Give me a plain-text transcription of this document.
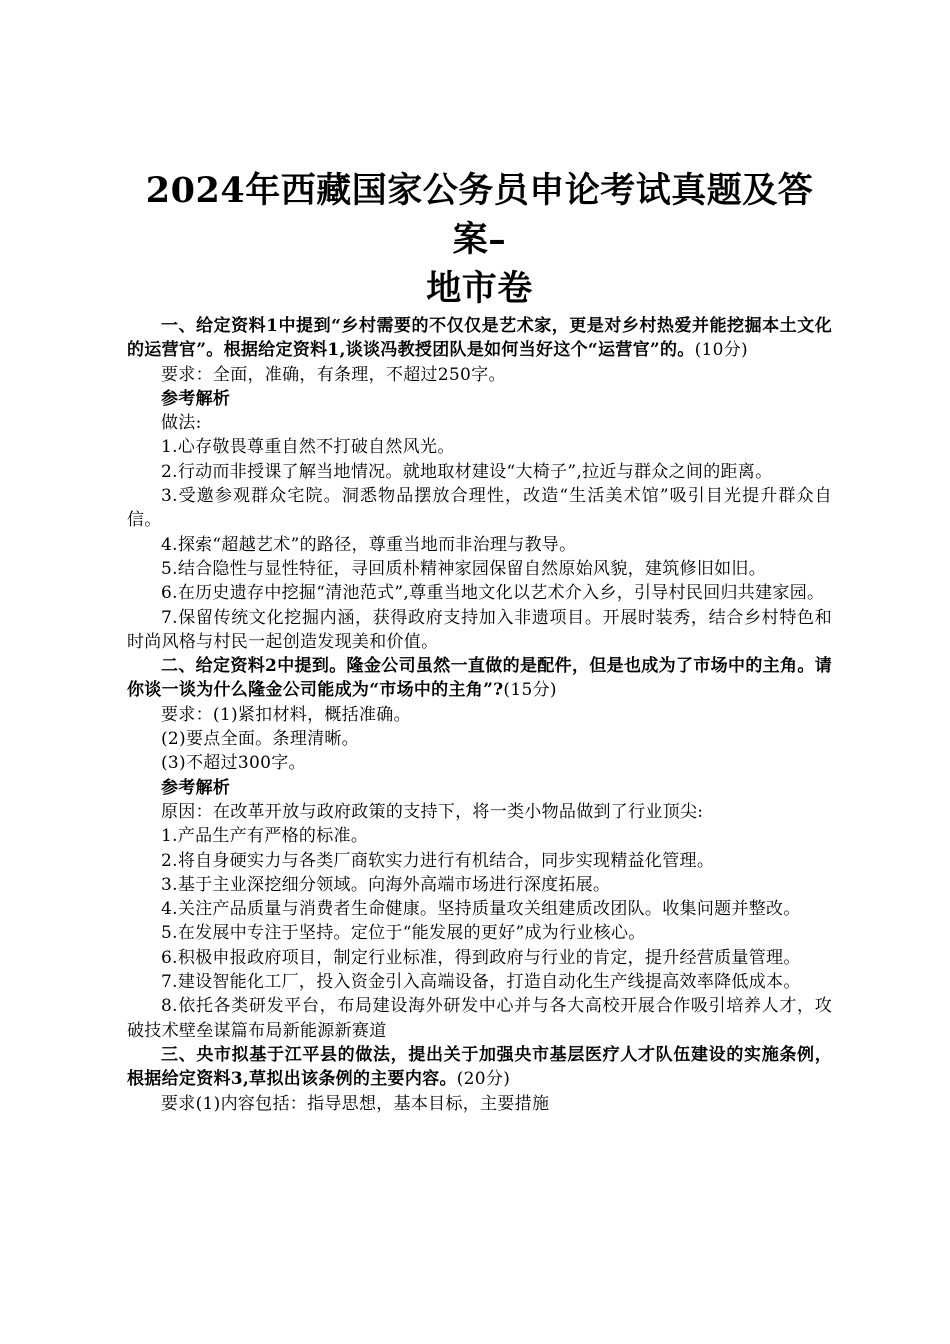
2024年西藏国家公务员申论考试真题及答案–
地市卷

一、给定资料1中提到“乡村需要的不仅仅是艺术家，更是对乡村热爱并能挖掘本土文化的运营官”。根据给定资料1,谈谈冯教授团队是如何当好这个“运营官”的。(10分)

要求：全面，准确，有条理，不超过250字。

参考解析

做法:

1.心存敬畏尊重自然不打破自然风光。

2.行动而非授课了解当地情况。就地取材建设“大椅子”,拉近与群众之间的距离。

3.受邀参观群众宅院。洞悉物品摆放合理性，改造“生活美术馆”吸引目光提升群众自信。

4.探索“超越艺术”的路径，尊重当地而非治理与教导。

5.结合隐性与显性特征，寻回质朴精神家园保留自然原始风貌，建筑修旧如旧。

6.在历史遗存中挖掘“清池范式”,尊重当地文化以艺术介入乡，引导村民回归共建家园。

7.保留传统文化挖掘内涵，获得政府支持加入非遗项目。开展时装秀，结合乡村特色和时尚风格与村民一起创造发现美和价值。

二、给定资料2中提到。隆金公司虽然一直做的是配件，但是也成为了市场中的主角。请你谈一谈为什么隆金公司能成为“市场中的主角”?(15分)

要求：(1)紧扣材料，概括准确。

(2)要点全面。条理清晰。

(3)不超过300字。

参考解析

原因：在改革开放与政府政策的支持下，将一类小物品做到了行业顶尖:

1.产品生产有严格的标准。

2.将自身硬实力与各类厂商软实力进行有机结合，同步实现精益化管理。

3.基于主业深挖细分领域。向海外高端市场进行深度拓展。

4.关注产品质量与消费者生命健康。坚持质量攻关组建质改团队。收集问题并整改。

5.在发展中专注于坚持。定位于“能发展的更好”成为行业核心。

6.积极申报政府项目，制定行业标准，得到政府与行业的肯定，提升经营质量管理。

7.建设智能化工厂，投入资金引入高端设备，打造自动化生产线提高效率降低成本。

8.依托各类研发平台，布局建设海外研发中心并与各大高校开展合作吸引培养人才，攻破技术壁垒谋篇布局新能源新赛道

三、央市拟基于江平县的做法，提出关于加强央市基层医疗人才队伍建设的实施条例，根据给定资料3,草拟出该条例的主要内容。(20分)

要求(1)内容包括：指导思想，基本目标，主要措施
